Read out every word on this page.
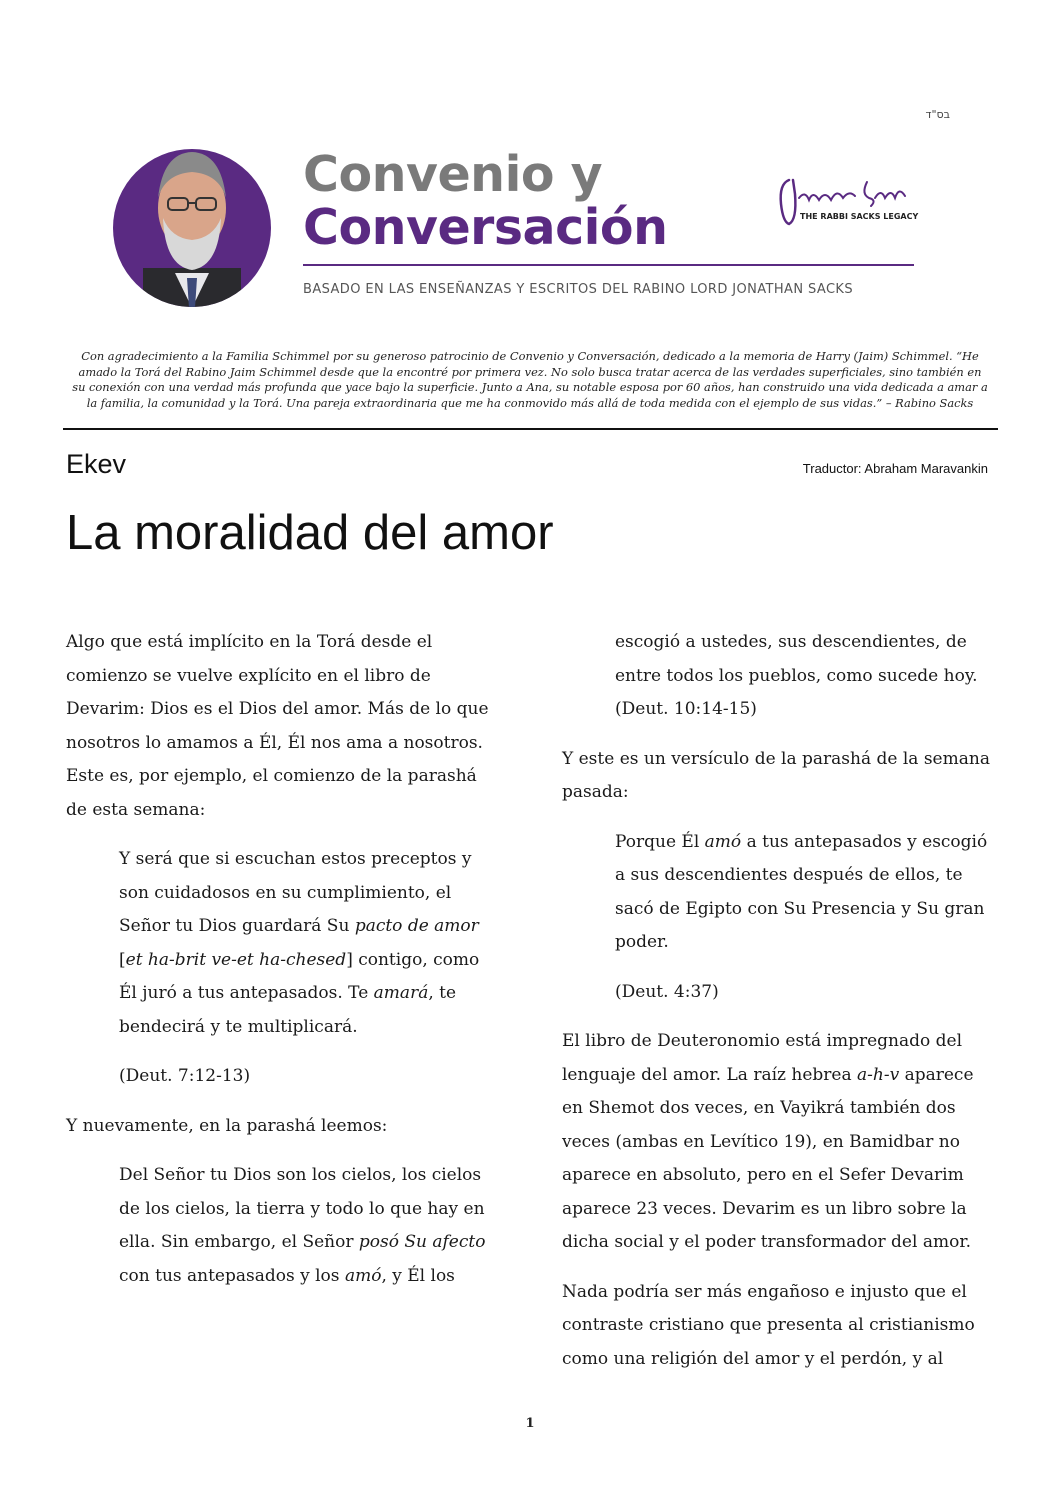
בס"ד
Convenio y
Conversación	THE RABBI SACKS LEGACY
BASADO EN LAS ENSEÑANZAS Y ESCRITOS DEL RABINO LORD JONATHAN SACKS
Con agradecimiento a la Familia Schimmel por su generoso patrocinio de Convenio y Conversación, dedicado a la memoria de Harry (Jaim) Schimmel. “He amado la Torá del Rabino Jaim Schimmel desde que la encontré por primera vez. No solo busca tratar acerca de las verdades superficiales, sino también en su conexión con una verdad más profunda que yace bajo la superficie. Junto a Ana, su notable esposa por 60 años, han construido una vida dedicada a amar a la familia, la comunidad y la Torá. Una pareja extraordinaria que me ha conmovido más allá de toda medida con el ejemplo de sus vidas.” – Rabino Sacks
Ekev	Traductor: Abraham Maravankin
La moralidad del amor

Algo que está implícito en la Torá desde el comienzo se vuelve explícito en el libro de Devarim: Dios es el Dios del amor. Más de lo que nosotros lo amamos a Él, Él nos ama a nosotros. Este es, por ejemplo, el comienzo de la parashá de esta semana:

Y será que si escuchan estos preceptos y son cuidadosos en su cumplimiento, el Señor tu Dios guardará Su pacto de amor [et ha-brit ve-et ha-chesed] contigo, como Él juró a tus antepasados. Te amará, te bendecirá y te multiplicará.

(Deut. 7:12-13)

Y nuevamente, en la parashá leemos:

Del Señor tu Dios son los cielos, los cielos de los cielos, la tierra y todo lo que hay en ella. Sin embargo, el Señor posó Su afecto con tus antepasados y los amó, y Él los

escogió a ustedes, sus descendientes, de entre todos los pueblos, como sucede hoy. (Deut. 10:14-15)

Y este es un versículo de la parashá de la semana pasada:

Porque Él amó a tus antepasados y escogió a sus descendientes después de ellos, te sacó de Egipto con Su Presencia y Su gran poder.

(Deut. 4:37)

El libro de Deuteronomio está impregnado del lenguaje del amor. La raíz hebrea a-h-v aparece en Shemot dos veces, en Vayikrá también dos veces (ambas en Levítico 19), en Bamidbar no aparece en absoluto, pero en el Sefer Devarim aparece 23 veces. Devarim es un libro sobre la dicha social y el poder transformador del amor.

Nada podría ser más engañoso e injusto que el contraste cristiano que presenta al cristianismo como una religión del amor y el perdón, y al

1
